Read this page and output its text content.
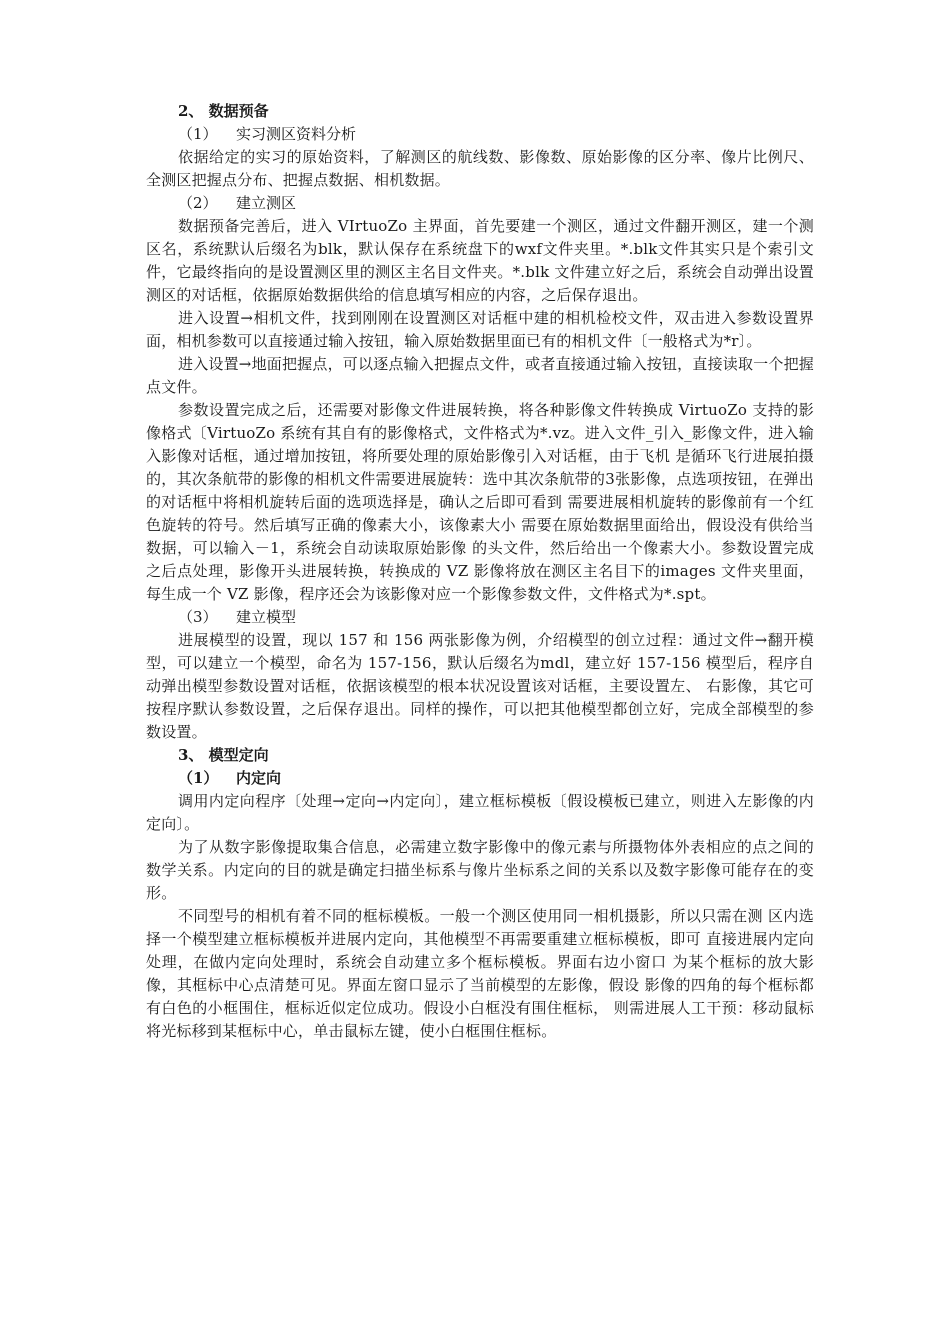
2、 数据预备
（1） 实习测区资料分析

依据给定的实习的原始资料，了解测区的航线数、影像数、原始影像的区分率、像片比例尺、全测区把握点分布、把握点数据、相机数据。

（2） 建立测区

数据预备完善后，进入 VIrtuoZo 主界面，首先要建一个测区，通过文件翻开测区，建一个测区名，系统默认后缀名为blk，默认保存在系统盘下的wxf文件夹里。*.blk文件其实只是个索引文件，它最终指向的是设置测区里的测区主名目文件夹。*.blk 文件建立好之后，系统会自动弹出设置测区的对话框，依据原始数据供给的信息填写相应的内容，之后保存退出。

进入设置→相机文件，找到刚刚在设置测区对话框中建的相机检校文件，双击进入参数设置界面，相机参数可以直接通过输入按钮，输入原始数据里面已有的相机文件〔一般格式为*r〕。

进入设置→地面把握点，可以逐点输入把握点文件，或者直接通过输入按钮，直接读取一个把握点文件。

参数设置完成之后，还需要对影像文件进展转换，将各种影像文件转换成 VirtuoZo 支持的影像格式〔VirtuoZo 系统有其自有的影像格式，文件格式为*.vz。进入文件_引入_影像文件，进入输入影像对话框，通过增加按钮，将所要处理的原始影像引入对话框，由于飞机 是循环飞行进展拍摄的，其次条航带的影像的相机文件需要进展旋转：选中其次条航带的3张影像，点选项按钮，在弹出的对话框中将相机旋转后面的选项选择是，确认之后即可看到 需要进展相机旋转的影像前有一个红色旋转的符号。然后填写正确的像素大小，该像素大小 需要在原始数据里面给出，假设没有供给当数据，可以输入－1，系统会自动读取原始影像 的头文件，然后给出一个像素大小。参数设置完成之后点处理，影像开头进展转换，转换成的 VZ 影像将放在测区主名目下的images 文件夹里面，每生成一个 VZ 影像，程序还会为该影像对应一个影像参数文件，文件格式为*.spt。

（3） 建立模型

进展模型的设置，现以 157 和 156 两张影像为例，介绍模型的创立过程：通过文件→翻开模型，可以建立一个模型，命名为 157-156，默认后缀名为mdl，建立好 157-156 模型后，程序自动弹出模型参数设置对话框，依据该模型的根本状况设置该对话框，主要设置左、 右影像，其它可按程序默认参数设置，之后保存退出。同样的操作，可以把其他模型都创立好，完成全部模型的参数设置。

3、 模型定向
（1） 内定向

调用内定向程序〔处理→定向→内定向〕，建立框标模板〔假设模板已建立，则进入左影像的内定向〕。

为了从数字影像提取集合信息，必需建立数字影像中的像元素与所摄物体外表相应的点之间的数学关系。内定向的目的就是确定扫描坐标系与像片坐标系之间的关系以及数字影像可能存在的变形。

不同型号的相机有着不同的框标模板。一般一个测区使用同一相机摄影，所以只需在测 区内选择一个模型建立框标模板并进展内定向，其他模型不再需要重建立框标模板，即可 直接进展内定向处理，在做内定向处理时，系统会自动建立多个框标模板。界面右边小窗口 为某个框标的放大影像，其框标中心点清楚可见。界面左窗口显示了当前模型的左影像，假设 影像的四角的每个框标都有白色的小框围住，框标近似定位成功。假设小白框没有围住框标， 则需进展人工干预：移动鼠标将光标移到某框标中心，单击鼠标左键，使小白框围住框标。
